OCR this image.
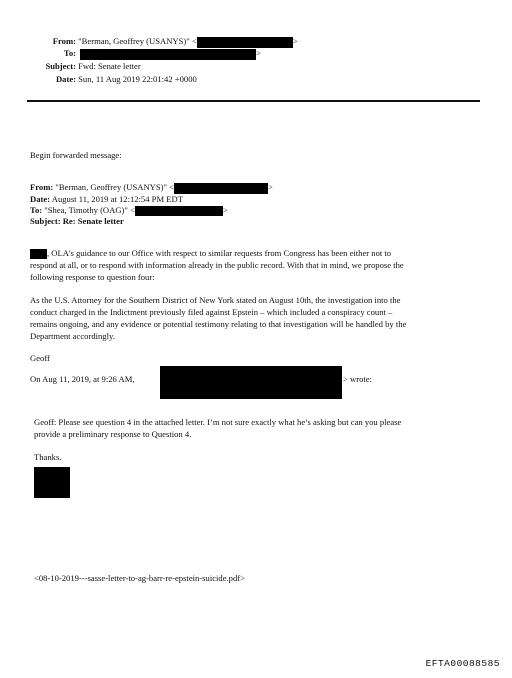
From: "Berman, Geoffrey (USANYS)" <	>
To:	>
Subject: Fwd: Senate letter
Date: Sun, 11 Aug 2019 22:01:42 +0000
Begin forwarded message:
From: "Berman, Geoffrey (USANYS)" <	>
Date: August 11, 2019 at 12:12:54 PM EDT
To: "Shea, Timothy (OAG)" <	>
Subject: Re: Senate letter
, OLA's guidance to our Office with respect to similar requests from Congress has been either not to
respond at all, or to respond with information already in the public record. With that in mind, we propose the
following response to question four:
As the U.S. Attorney for the Southern District of New York stated on August 10th, the investigation into the
conduct charged in the Indictment previously filed against Epstein – which included a conspiracy count –
remains ongoing, and any evidence or potential testimony relating to that investigation will be handled by the
Department accordingly.
Geoff
On Aug 11, 2019, at 9:26 AM,	> wrote:
Geoff: Please see question 4 in the attached letter. I’m not sure exactly what he’s asking but can you please
provide a preliminary response to Question 4.
Thanks.
<08-10-2019---sasse-letter-to-ag-barr-re-epstein-suicide.pdf>
EFTA00088585
